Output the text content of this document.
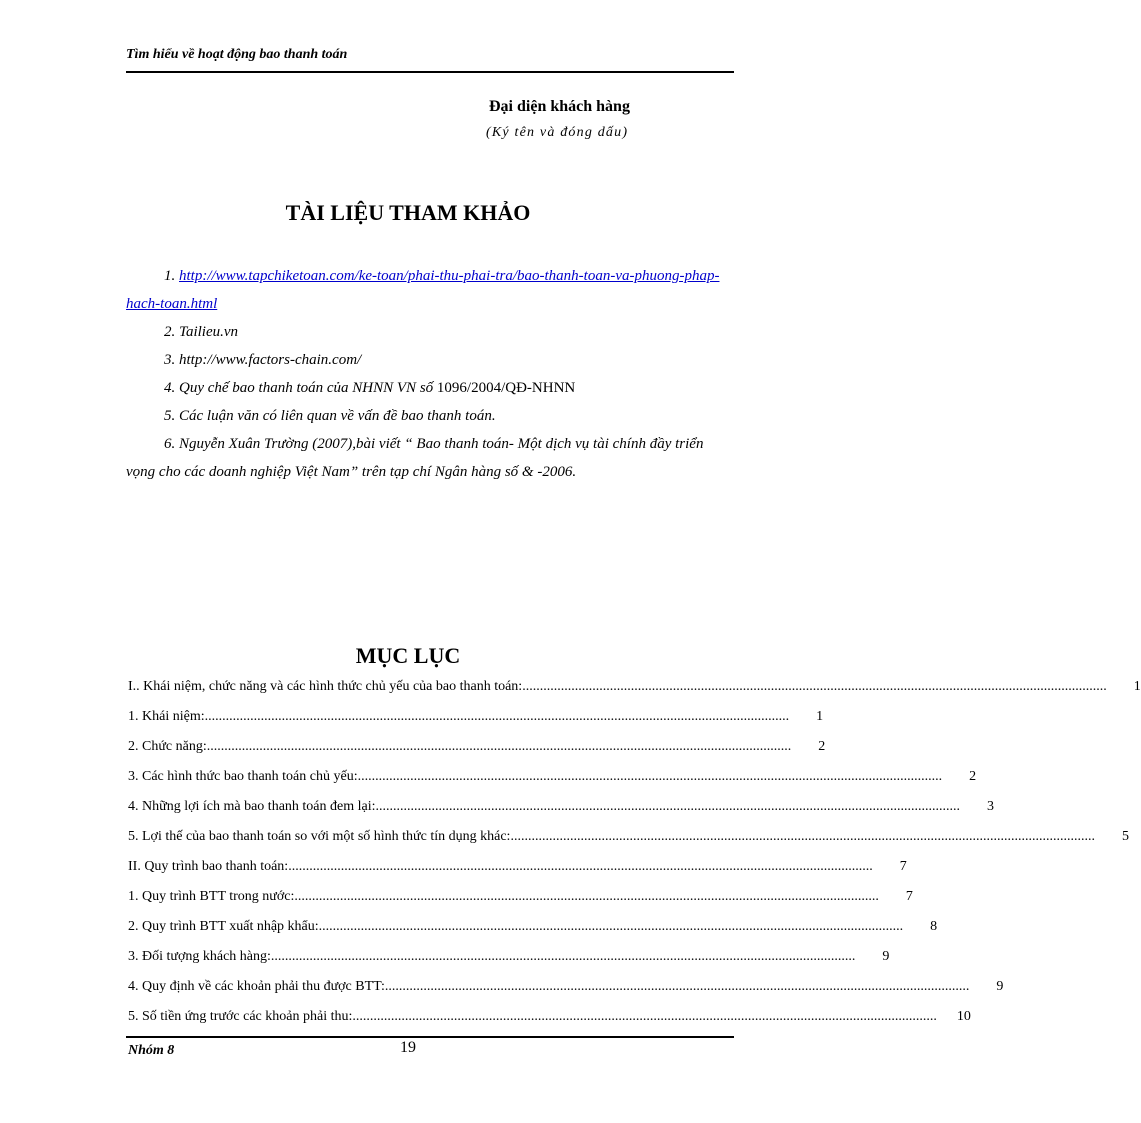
Tìm hiểu về hoạt động bao thanh toán
Đại diện khách hàng
(Ký tên và đóng dấu)
TÀI LIỆU THAM KHẢO

1. http://www.tapchiketoan.com/ke-toan/phai-thu-phai-tra/bao-thanh-toan-va-phuong-phap-hach-toan.html

2. Tailieu.vn

3. http://www.factors-chain.com/

4. Quy chế bao thanh toán của NHNN VN số 1096/2004/QĐ-NHNN

5. Các luận văn có liên quan về vấn đề bao thanh toán.

6. Nguyễn Xuân Trường (2007),bài viết “ Bao thanh toán- Một dịch vụ tài chính đầy triển vọng cho các doanh nghiệp Việt Nam” trên tạp chí Ngân hàng số & -2006.

MỤC LỤC
I.. Khái niệm, chức năng và các hình thức chủ yếu của bao thanh toán: .......................................................................................................................................................................	1
1. Khái niệm: .......................................................................................................................................................................	1
2. Chức năng: .......................................................................................................................................................................	2
3. Các hình thức bao thanh toán chủ yếu: .......................................................................................................................................................................	2
4. Những lợi ích mà bao thanh toán đem lại: .......................................................................................................................................................................	3
5. Lợi thế của bao thanh toán so với một số hình thức tín dụng khác: .......................................................................................................................................................................	5
II. Quy trình bao thanh toán: .......................................................................................................................................................................	7
1. Quy trình BTT trong nước: .......................................................................................................................................................................	7
2. Quy trình BTT xuất nhập khẩu: .......................................................................................................................................................................	8
3. Đối tượng khách hàng: .......................................................................................................................................................................	9
4. Quy định về các khoản phải thu được BTT: .......................................................................................................................................................................	9
5. Số tiền ứng trước các khoản phải thu: .......................................................................................................................................................................	10
Nhóm 8	19
